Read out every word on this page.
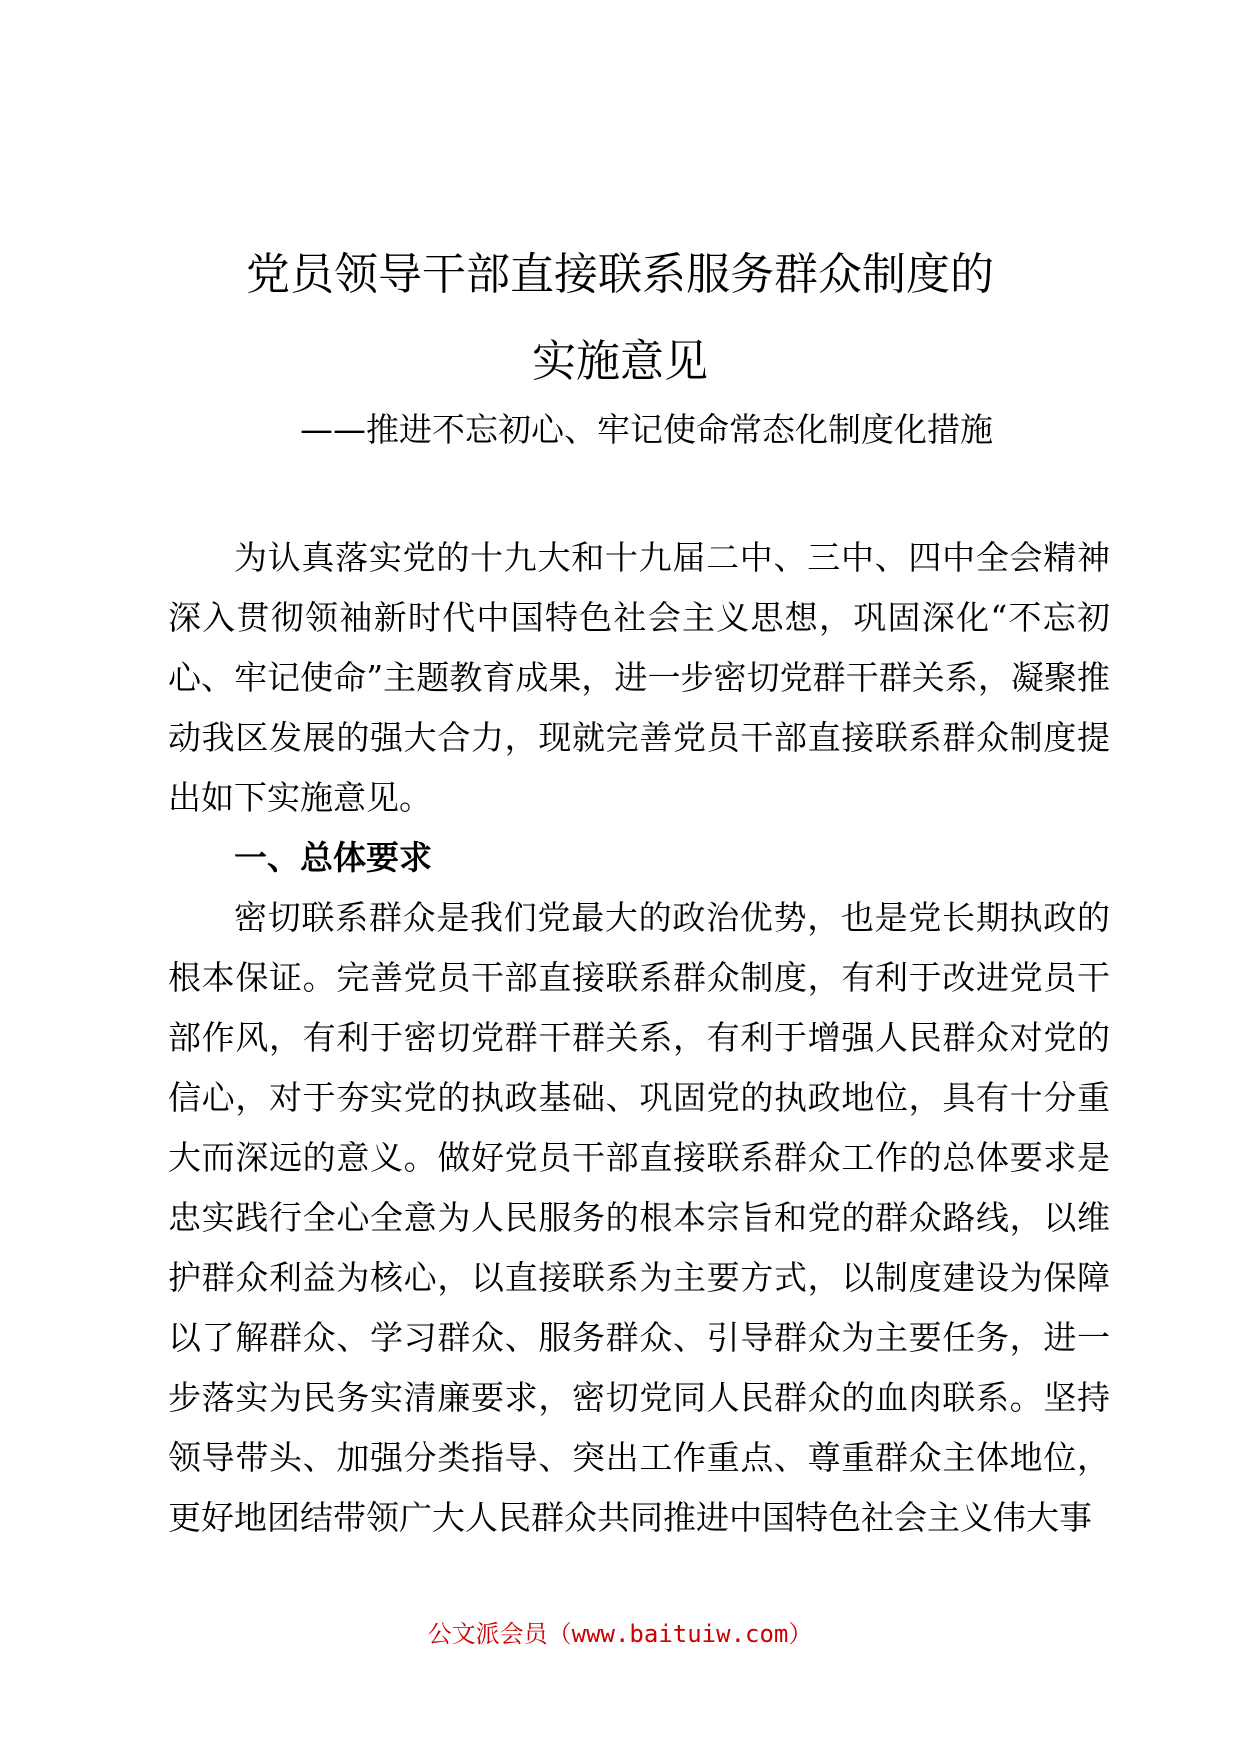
党员领导干部直接联系服务群众制度的
实施意见
——推进不忘初心、牢记使命常态化制度化措施

为认真落实党的十九大和十九届二中、三中、四中全会精神深入贯彻领袖新时代中国特色社会主义思想，巩固深化“不忘初心、牢记使命”主题教育成果，进一步密切党群干群关系，凝聚推动我区发展的强大合力，现就完善党员干部直接联系群众制度提出如下实施意见。

一、总体要求

密切联系群众是我们党最大的政治优势，也是党长期执政的根本保证。完善党员干部直接联系群众制度，有利于改进党员干部作风，有利于密切党群干群关系，有利于增强人民群众对党的信心，对于夯实党的执政基础、巩固党的执政地位，具有十分重大而深远的意义。做好党员干部直接联系群众工作的总体要求是忠实践行全心全意为人民服务的根本宗旨和党的群众路线，以维护群众利益为核心，以直接联系为主要方式，以制度建设为保障以了解群众、学习群众、服务群众、引导群众为主要任务，进一步落实为民务实清廉要求，密切党同人民群众的血肉联系。坚持领导带头、加强分类指导、突出工作重点、尊重群众主体地位，更好地团结带领广大人民群众共同推进中国特色社会主义伟大事

公文派会员（www.baituiw.com）
